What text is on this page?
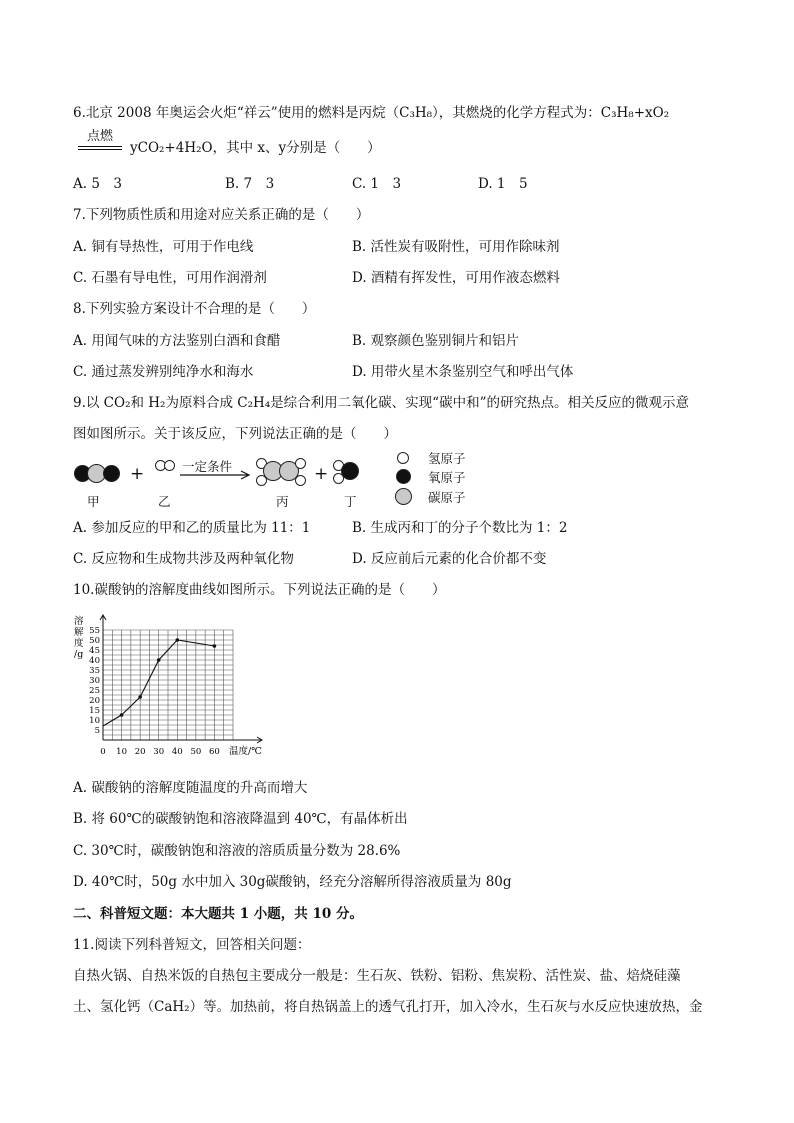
6.北京 2008 年奥运会火炬“祥云”使用的燃料是丙烷（C₃H₈），其燃烧的化学方程式为：C₃H₈+xO₂
点燃
yCO₂+4H₂O，其中 x、y分别是（　　）
A. 5　3	B. 7　3	C. 1　3	D. 1　5
7.下列物质性质和用途对应关系正确的是（　　）
A. 铜有导热性，可用于作电线	B. 活性炭有吸附性，可用作除味剂
C. 石墨有导电性，可用作润滑剂	D. 酒精有挥发性，可用作液态燃料
8.下列实验方案设计不合理的是（　　）
A. 用闻气味的方法鉴别白酒和食醋	B. 观察颜色鉴别铜片和铝片
C. 通过蒸发辨别纯净水和海水	D. 用带火星木条鉴别空气和呼出气体
9.以 CO₂和 H₂为原料合成 C₂H₄是综合利用二氧化碳、实现“碳中和”的研究热点。相关反应的微观示意
图如图所示。关于该反应，下列说法正确的是（　　）
甲
+
乙
一定条件
丙
+
丁
氢原子
氧原子
碳原子
A. 参加反应的甲和乙的质量比为 11：1	B. 生成丙和丁的分子个数比为 1：2
C. 反应物和生成物共涉及两种氧化物	D. 反应前后元素的化合价都不变
10.碳酸钠的溶解度曲线如图所示。下列说法正确的是（　　）
5
10
15
20
25
30
35
40
45
50
55
0 10 20 30 40 50 60
溶
解
度
/g
温度/℃
A. 碳酸钠的溶解度随温度的升高而增大
B. 将 60℃的碳酸钠饱和溶液降温到 40℃，有晶体析出
C. 30℃时，碳酸钠饱和溶液的溶质质量分数为 28.6%
D. 40℃时，50g 水中加入 30g碳酸钠，经充分溶解所得溶液质量为 80g
二、科普短文题：本大题共 1 小题，共 10 分。
11.阅读下列科普短文，回答相关问题：
自热火锅、自热米饭的自热包主要成分一般是：生石灰、铁粉、铝粉、焦炭粉、活性炭、盐、焙烧硅藻
土、氢化钙（CaH₂）等。加热前，将自热锅盖上的透气孔打开，加入冷水，生石灰与水反应快速放热，金
